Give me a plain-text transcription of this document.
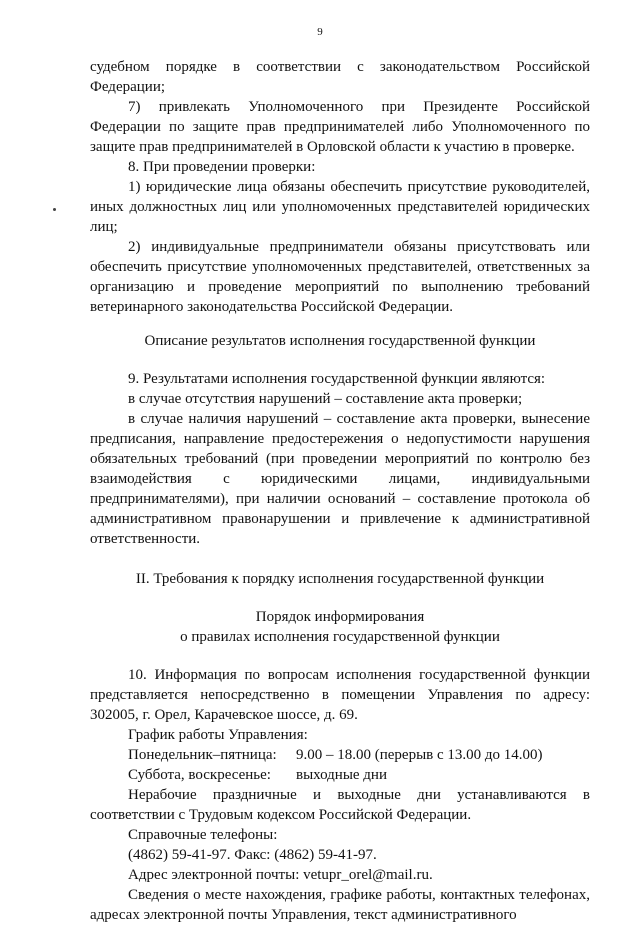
9

судебном порядке в соответствии с законодательством Российской Федерации;

7) привлекать Уполномоченного при Президенте Российской Федерации по защите прав предпринимателей либо Уполномоченного по защите прав предпринимателей в Орловской области к участию в проверке.

8. При проведении проверки:

1) юридические лица обязаны обеспечить присутствие руководителей, иных должностных лиц или уполномоченных представителей юридических лиц;

2) индивидуальные предприниматели обязаны присутствовать или обеспечить присутствие уполномоченных представителей, ответственных за организацию и проведение мероприятий по выполнению требований ветеринарного законодательства Российской Федерации.

Описание результатов исполнения государственной функции

9. Результатами исполнения государственной функции являются:

в случае отсутствия нарушений – составление акта проверки;

в случае наличия нарушений – составление акта проверки, вынесение предписания, направление предостережения о недопустимости нарушения обязательных требований (при проведении мероприятий по контролю без взаимодействия с юридическими лицами, индивидуальными предпринимателями), при наличии оснований – составление протокола об административном правонарушении и привлечение к административной ответственности.

II. Требования к порядку исполнения государственной функции

Порядок информирования

о правилах исполнения государственной функции

10. Информация по вопросам исполнения государственной функции представляется непосредственно в помещении Управления по адресу: 302005, г. Орел, Карачевское шоссе, д. 69.

График работы Управления:

Понедельник–пятница:	9.00 – 18.00 (перерыв с 13.00 до 14.00)
Суббота, воскресенье:	выходные дни

Нерабочие праздничные и выходные дни устанавливаются в соответствии с Трудовым кодексом Российской Федерации.

Справочные телефоны:

(4862) 59-41-97. Факс: (4862) 59-41-97.

Адрес электронной почты: vetupr_orel@mail.ru.

Сведения о месте нахождения, графике работы, контактных телефонах, адресах электронной почты Управления, текст административного
